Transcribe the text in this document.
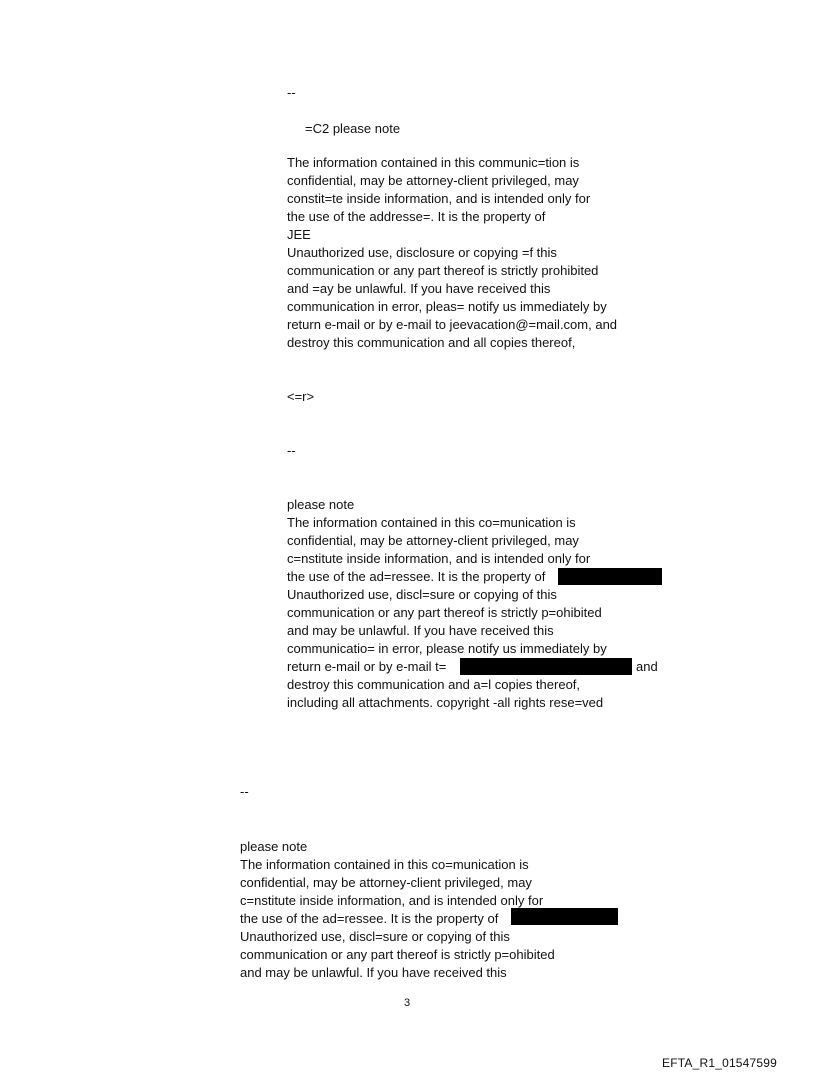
--
=C2 please note
The information contained in this communic=tion is
confidential, may be attorney-client privileged, may
constit=te inside information, and is intended only for
the use of the addresse=. It is the property of
JEE
Unauthorized use, disclosure or copying =f this
communication or any part thereof is strictly prohibited
and =ay be unlawful. If you have received this
communication in error, pleas= notify us immediately by
return e-mail or by e-mail to jeevacation@=mail.com, and
destroy this communication and all copies thereof,
<=r>
--
please note
The information contained in this co=munication is
confidential, may be attorney-client privileged, may
c=nstitute inside information, and is intended only for
the use of the ad=ressee. It is the property of
Unauthorized use, discl=sure or copying of this
communication or any part thereof is strictly p=ohibited
and may be unlawful. If you have received this
communicatio= in error, please notify us immediately by
return e-mail or by e-mail t=	and
destroy this communication and a=l copies thereof,
including all attachments. copyright -all rights rese=ved
--
please note
The information contained in this co=munication is
confidential, may be attorney-client privileged, may
c=nstitute inside information, and is intended only for
the use of the ad=ressee. It is the property of
Unauthorized use, discl=sure or copying of this
communication or any part thereof is strictly p=ohibited
and may be unlawful. If you have received this
3
EFTA_R1_01547599
